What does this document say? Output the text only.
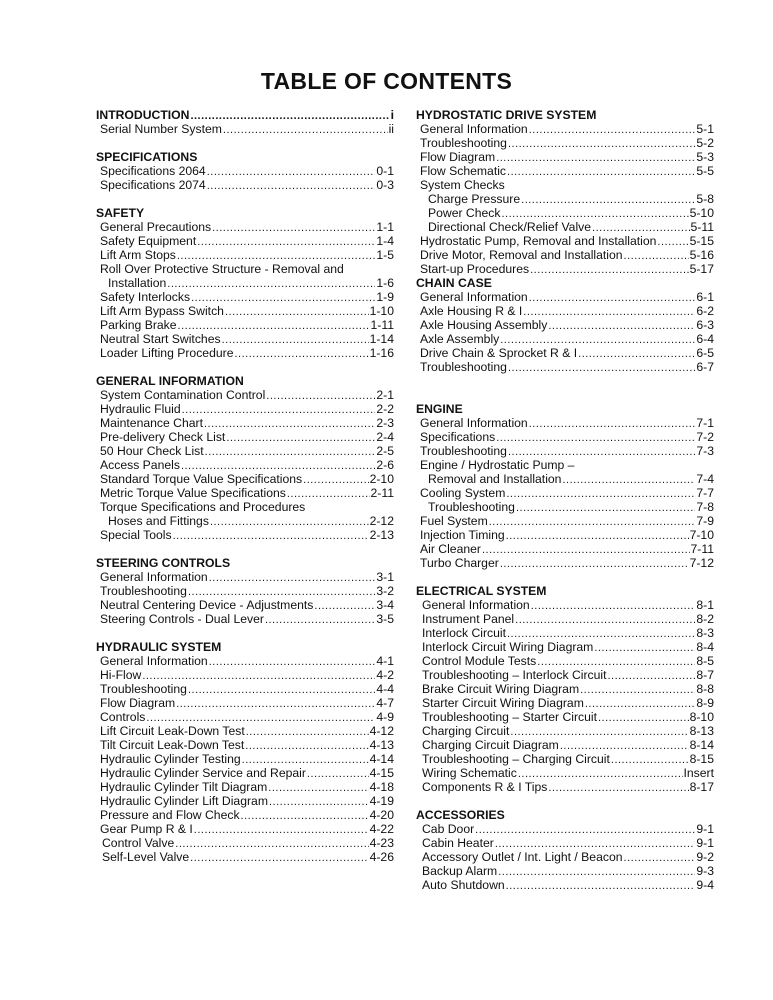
TABLE OF CONTENTS
INTRODUCTION .....	i
Serial Number System .....	ii
SPECIFICATIONS
Specifications 2064 .....	0-1
Specifications 2074 .....	0-3
SAFETY
General Precautions .....	1-1
Safety Equipment .....	1-4
Lift Arm Stops .....	1-5
Roll Over Protective Structure - Removal and
Installation .....	1-6
Safety Interlocks .....	1-9
Lift Arm Bypass Switch .....	1-10
Parking Brake .....	1-11
Neutral Start Switches .....	1-14
Loader Lifting Procedure .....	1-16
GENERAL INFORMATION
System Contamination Control .....	2-1
Hydraulic Fluid .....	2-2
Maintenance Chart .....	2-3
Pre-delivery Check List .....	2-4
50 Hour Check List .....	2-5
Access Panels .....	2-6
Standard Torque Value Specifications .....	2-10
Metric Torque Value Specifications .....	2-11
Torque Specifications and Procedures
Hoses and Fittings .....	2-12
Special Tools .....	2-13
STEERING CONTROLS
General Information .....	3-1
Troubleshooting .....	3-2
Neutral Centering Device - Adjustments .....	3-4
Steering Controls - Dual Lever .....	3-5
HYDRAULIC SYSTEM
General Information .....	4-1
Hi-Flow .....	4-2
Troubleshooting .....	4-4
Flow Diagram .....	4-7
Controls .....	4-9
Lift Circuit Leak-Down Test .....	4-12
Tilt Circuit Leak-Down Test .....	4-13
Hydraulic Cylinder Testing .....	4-14
Hydraulic Cylinder Service and Repair .....	4-15
Hydraulic Cylinder Tilt Diagram .....	4-18
Hydraulic Cylinder Lift Diagram .....	4-19
Pressure and Flow Check .....	4-20
Gear Pump R & I .....	4-22
Control Valve .....	4-23
Self-Level Valve .....	4-26
HYDROSTATIC DRIVE SYSTEM
General Information .....	5-1
Troubleshooting .....	5-2
Flow Diagram .....	5-3
Flow Schematic .....	5-5
System Checks
Charge Pressure .....	5-8
Power Check .....	5-10
Directional Check/Relief Valve .....	5-11
Hydrostatic Pump, Removal and Installation .....	5-15
Drive Motor, Removal and Installation .....	5-16
Start-up Procedures .....	5-17
CHAIN CASE
General Information .....	6-1
Axle Housing R & I .....	6-2
Axle Housing Assembly .....	6-3
Axle Assembly .....	6-4
Drive Chain & Sprocket R & I .....	6-5
Troubleshooting .....	6-7
ENGINE
General Information .....	7-1
Specifications .....	7-2
Troubleshooting .....	7-3
Engine / Hydrostatic Pump –
Removal and Installation .....	7-4
Cooling System .....	7-7
Troubleshooting .....	7-8
Fuel System .....	7-9
Injection Timing .....	7-10
Air Cleaner .....	7-11
Turbo Charger .....	7-12
ELECTRICAL SYSTEM
General Information .....	8-1
Instrument Panel .....	8-2
Interlock Circuit .....	8-3
Interlock Circuit Wiring Diagram .....	8-4
Control Module Tests .....	8-5
Troubleshooting – Interlock Circuit .....	8-7
Brake Circuit Wiring Diagram .....	8-8
Starter Circuit Wiring Diagram .....	8-9
Troubleshooting – Starter Circuit .....	8-10
Charging Circuit .....	8-13
Charging Circuit Diagram .....	8-14
Troubleshooting – Charging Circuit .....	8-15
Wiring Schematic .....	Insert
Components R & I Tips .....	8-17
ACCESSORIES
Cab Door .....	9-1
Cabin Heater .....	9-1
Accessory Outlet / Int. Light / Beacon .....	9-2
Backup Alarm .....	9-3
Auto Shutdown .....	9-4
